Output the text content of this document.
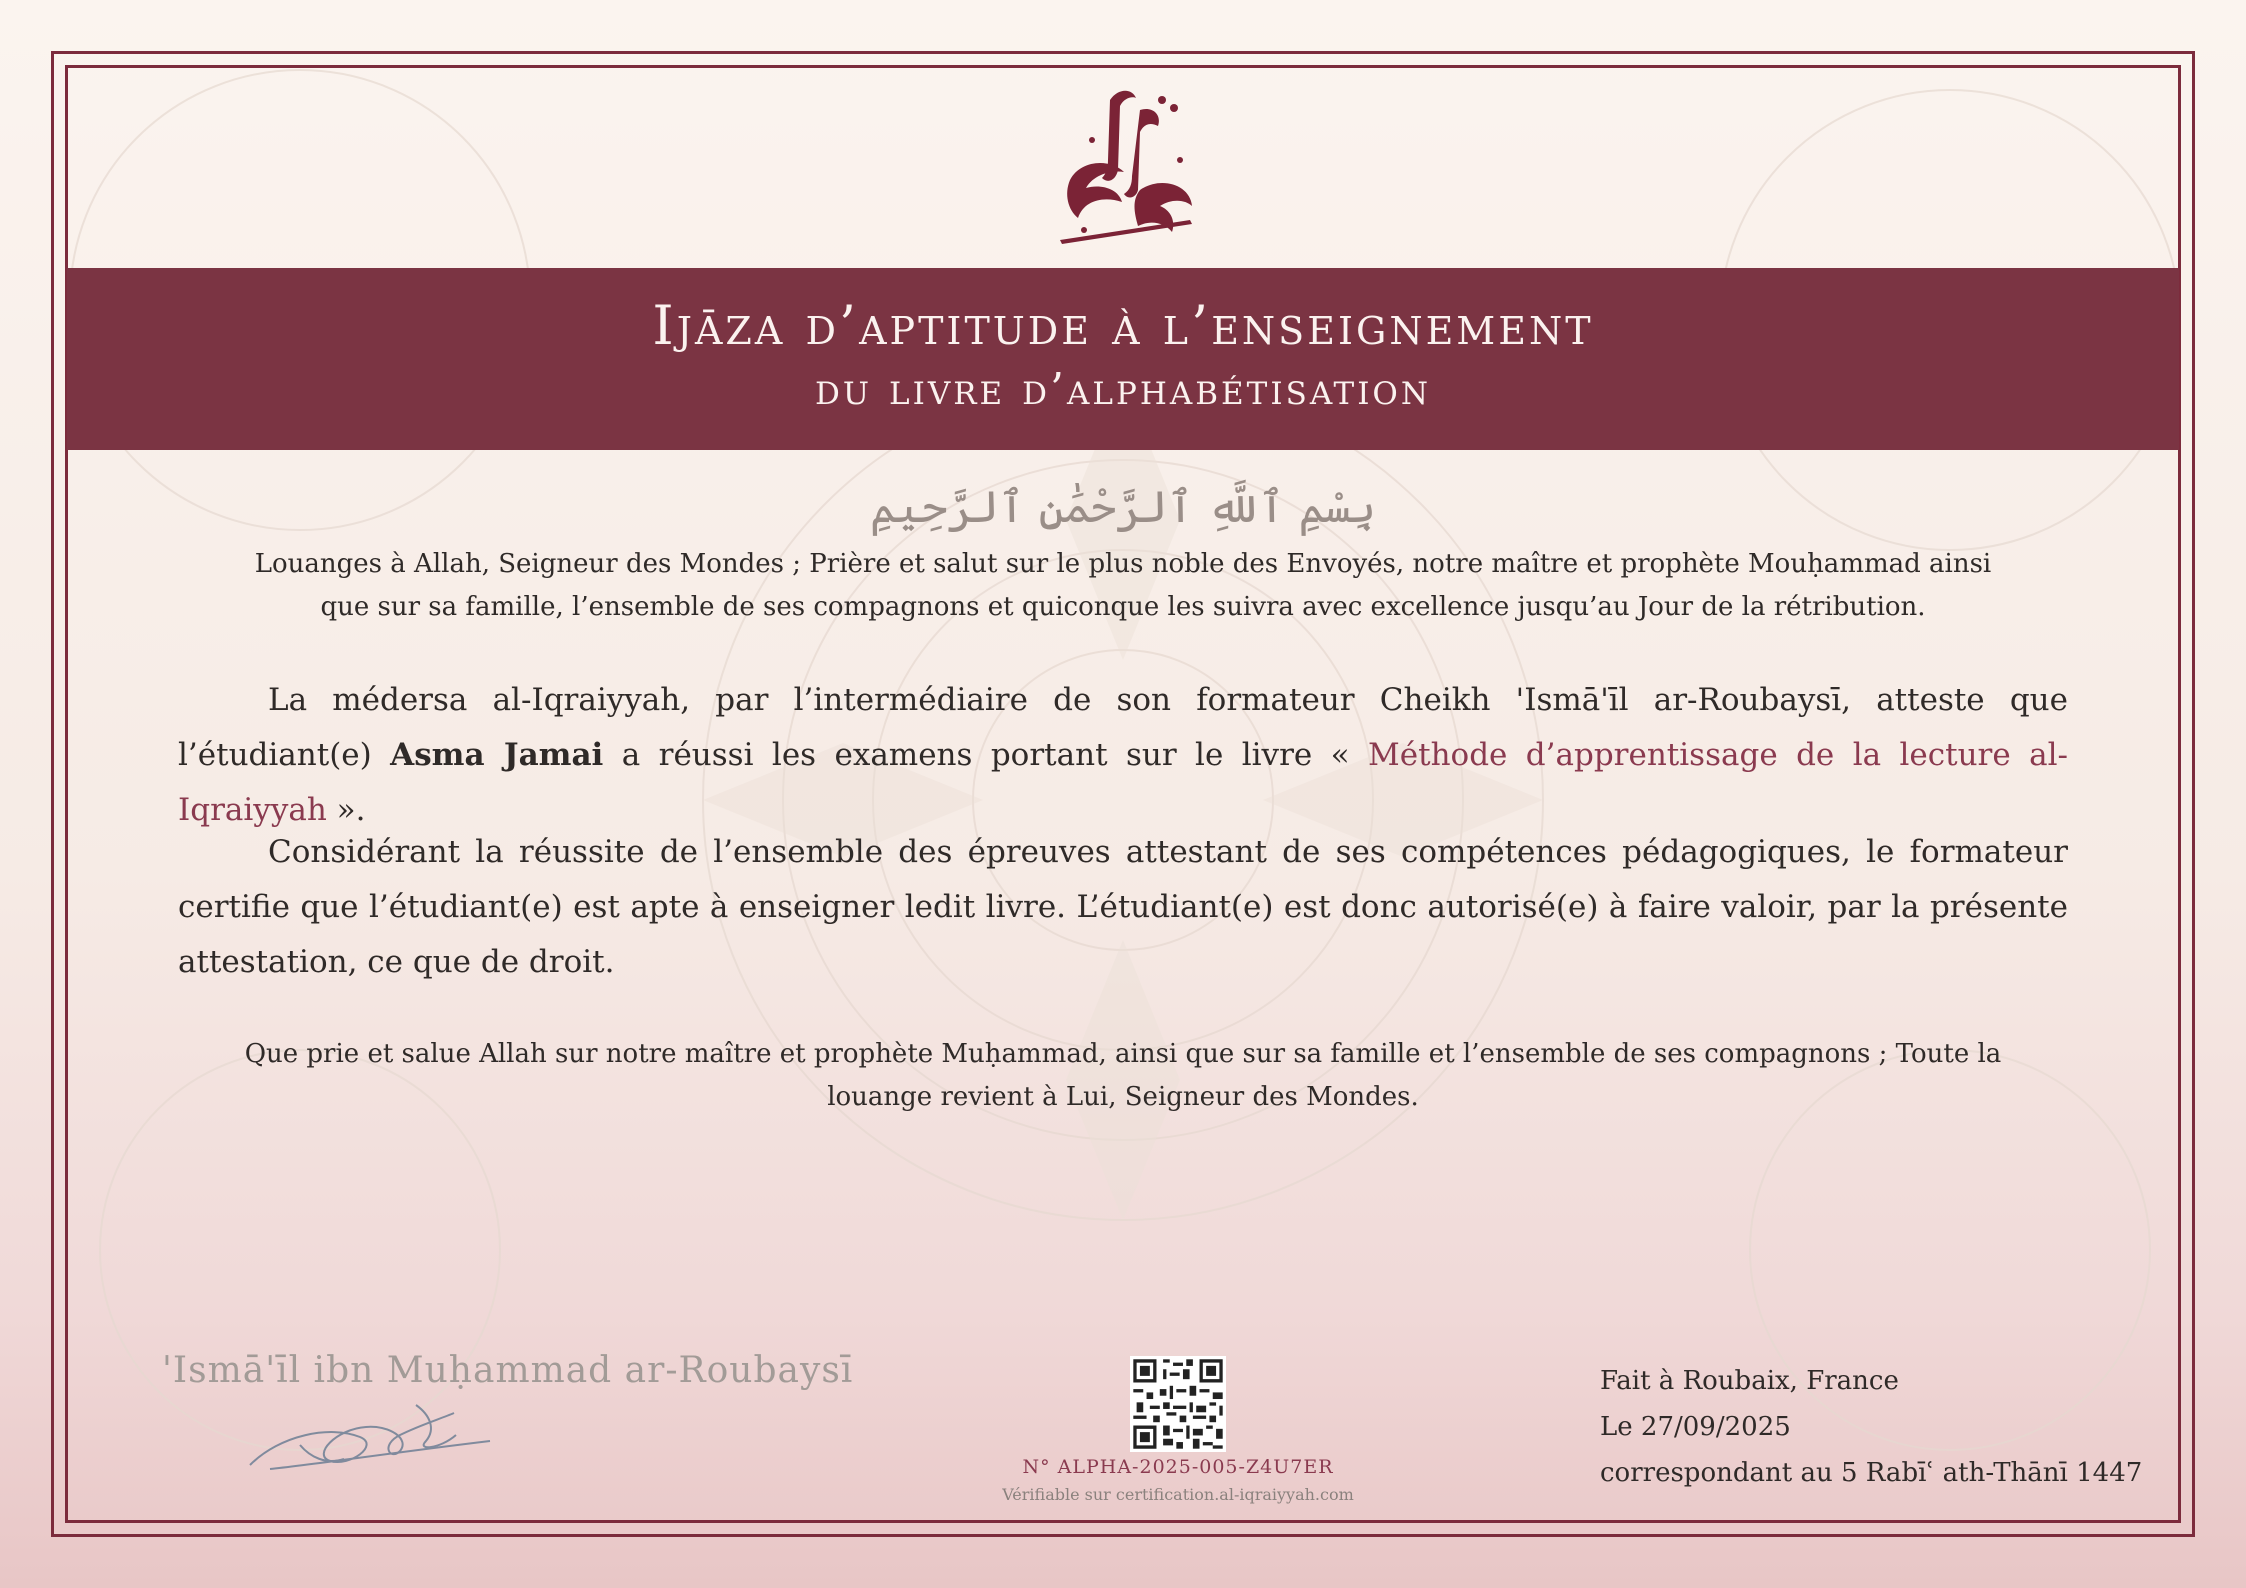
Ijāza d’aptitude à l’enseignement
du livre d’alphabétisation
بِسْمِ ٱللَّهِ ٱلرَّحْمَٰنِ ٱلرَّحِيمِ
Louanges à Allah, Seigneur des Mondes ; Prière et salut sur le plus noble des Envoyés, notre maître et prophète Mouḥammad ainsi que sur sa famille, l’ensemble de ses compagnons et quiconque les suivra avec excellence jusqu’au Jour de la rétribution.
La médersa al-Iqraiyyah, par l’intermédiaire de son formateur Cheikh 'Ismā'īl ar-Roubaysī, atteste que l’étudiant(e) Asma Jamai a réussi les examens portant sur le livre « Méthode d’apprentissage de la lecture al-Iqraiyyah ».
Considérant la réussite de l’ensemble des épreuves attestant de ses compétences pédagogiques, le formateur certifie que l’étudiant(e) est apte à enseigner ledit livre. L’étudiant(e) est donc autorisé(e) à faire valoir, par la présente attestation, ce que de droit.
Que prie et salue Allah sur notre maître et prophète Muḥammad, ainsi que sur sa famille et l’ensemble de ses compagnons ; Toute la louange revient à Lui, Seigneur des Mondes.
'Ismā'īl ibn Muḥammad ar-Roubaysī
N° ALPHA-2025-005-Z4U7ER
Vérifiable sur certification.al-iqraiyyah.com
Fait à Roubaix, France
Le 27/09/2025
correspondant au 5 Rabīʿ ath-Thānī 1447
